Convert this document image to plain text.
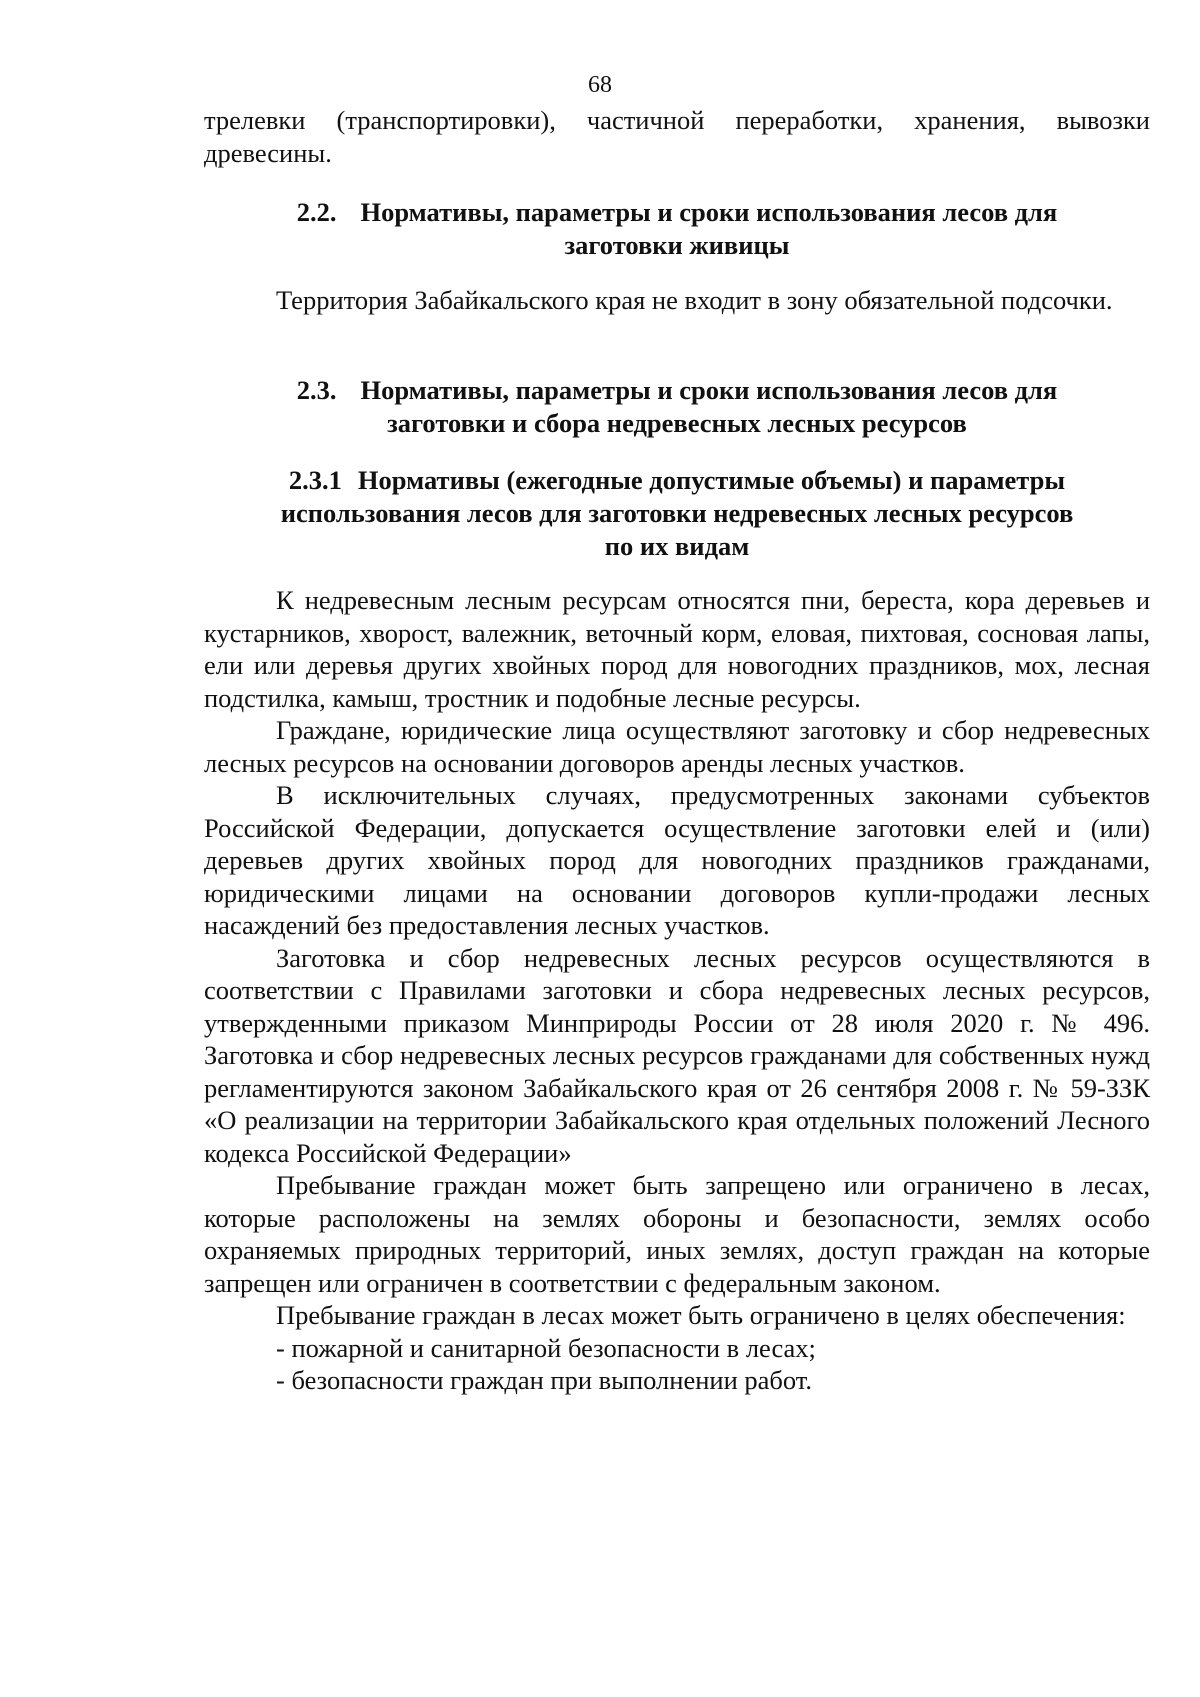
68

трелевки (транспортировки), частичной переработки, хранения, вывозки древесины.

2.2. Нормативы, параметры и сроки использования лесов для

заготовки живицы

Территория Забайкальского края не входит в зону обязательной подсочки.

2.3. Нормативы, параметры и сроки использования лесов для

заготовки и сбора недревесных лесных ресурсов

2.3.1 Нормативы (ежегодные допустимые объемы) и параметры

использования лесов для заготовки недревесных лесных ресурсов

по их видам

К недревесным лесным ресурсам относятся пни, береста, кора деревьев и кустарников, хворост, валежник, веточный корм, еловая, пихтовая, сосновая лапы, ели или деревья других хвойных пород для новогодних праздников, мох, лесная подстилка, камыш, тростник и подобные лесные ресурсы.

Граждане, юридические лица осуществляют заготовку и сбор недревесных лесных ресурсов на основании договоров аренды лесных участков.

В исключительных случаях, предусмотренных законами субъектов Российской Федерации, допускается осуществление заготовки елей и (или) деревьев других хвойных пород для новогодних праздников гражданами, юридическими лицами на основании договоров купли-продажи лесных насаждений без предоставления лесных участков.

Заготовка и сбор недревесных лесных ресурсов осуществляются в соответствии с Правилами заготовки и сбора недревесных лесных ресурсов, утвержденными приказом Минприроды России от 28 июля 2020 г. № 496. Заготовка и сбор недревесных лесных ресурсов гражданами для собственных нужд регламентируются законом Забайкальского края от 26 сентября 2008 г. № 59-ЗЗК «О реализации на территории Забайкальского края отдельных положений Лесного кодекса Российской Федерации»

Пребывание граждан может быть запрещено или ограничено в лесах, которые расположены на землях обороны и безопасности, землях особо охраняемых природных территорий, иных землях, доступ граждан на которые запрещен или ограничен в соответствии с федеральным законом.

Пребывание граждан в лесах может быть ограничено в целях обеспечения:

- пожарной и санитарной безопасности в лесах;

- безопасности граждан при выполнении работ.
